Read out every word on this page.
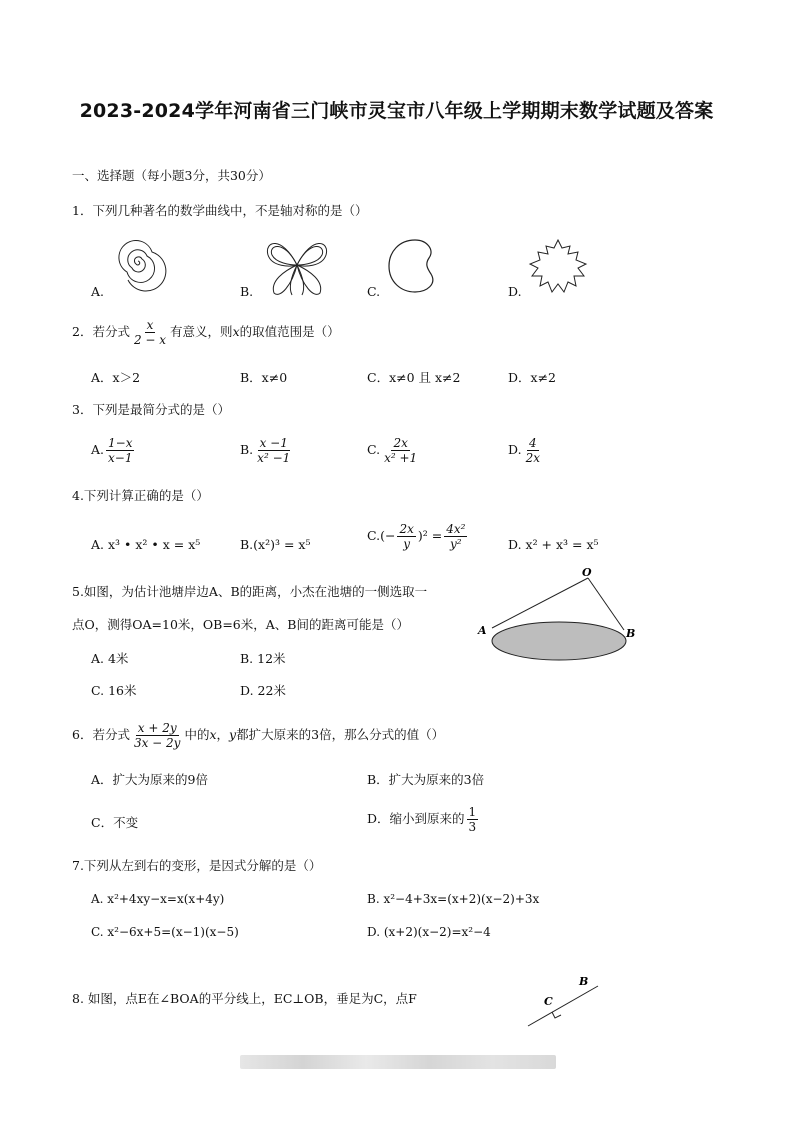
2023-2024学年河南省三门峡市灵宝市八年级上学期期末数学试题及答案
一、选择题（每小题3分，共30分）
1．下列几种著名的数学曲线中，不是轴对称的是（）
A.	B.	C.	D.
2．若分式 $\frac{x}{2 - x}$ 有意义，则x的取值范围是（）
A．x＞2	B．x≠0	C．x≠0 且 x≠2	D．x≠2
3．下列是最简分式的是（）
A. $\frac{1-x}{x-1}$	B. $\frac{x -1}{\text{x² −1}}$	C. $\frac{2x}{\text{x² +1}}$	D. $\frac{4}{2x}$
4.下列计算正确的是（）
A. x³ • x² • x = x⁵	B.(x²)³ = x⁵
$C.(- \frac{2x}{y} )^2 = \frac{\text{4x²}}{\text{y²}}$	D. x² + x³ = x⁵
5.如图，为估计池塘岸边A、B的距离，小杰在池塘的一侧选取一
点O，测得OA=10米，OB=6米，A、B间的距离可能是（）
A. 4米	B. 12米
C. 16米	D. 22米
O
A	B
6．若分式 $\frac{x + 2y}{3x - 2y}$ 中的x，y都扩大原来的3倍，那么分式的值（）
A．扩大为原来的9倍	B．扩大为原来的3倍
C．不变	D．缩小到原来的 $\frac{1}{3}$
7.下列从左到右的变形，是因式分解的是（）
A. x²+4xy−x=x(x+4y)	B. x²−4+3x=(x+2)(x−2)+3x
C. x²−6x+5=(x−1)(x−5)	D. (x+2)(x−2)=x²−4
8. 如图，点E在∠BOA的平分线上，EC⊥OB，垂足为C，点F
B
C
